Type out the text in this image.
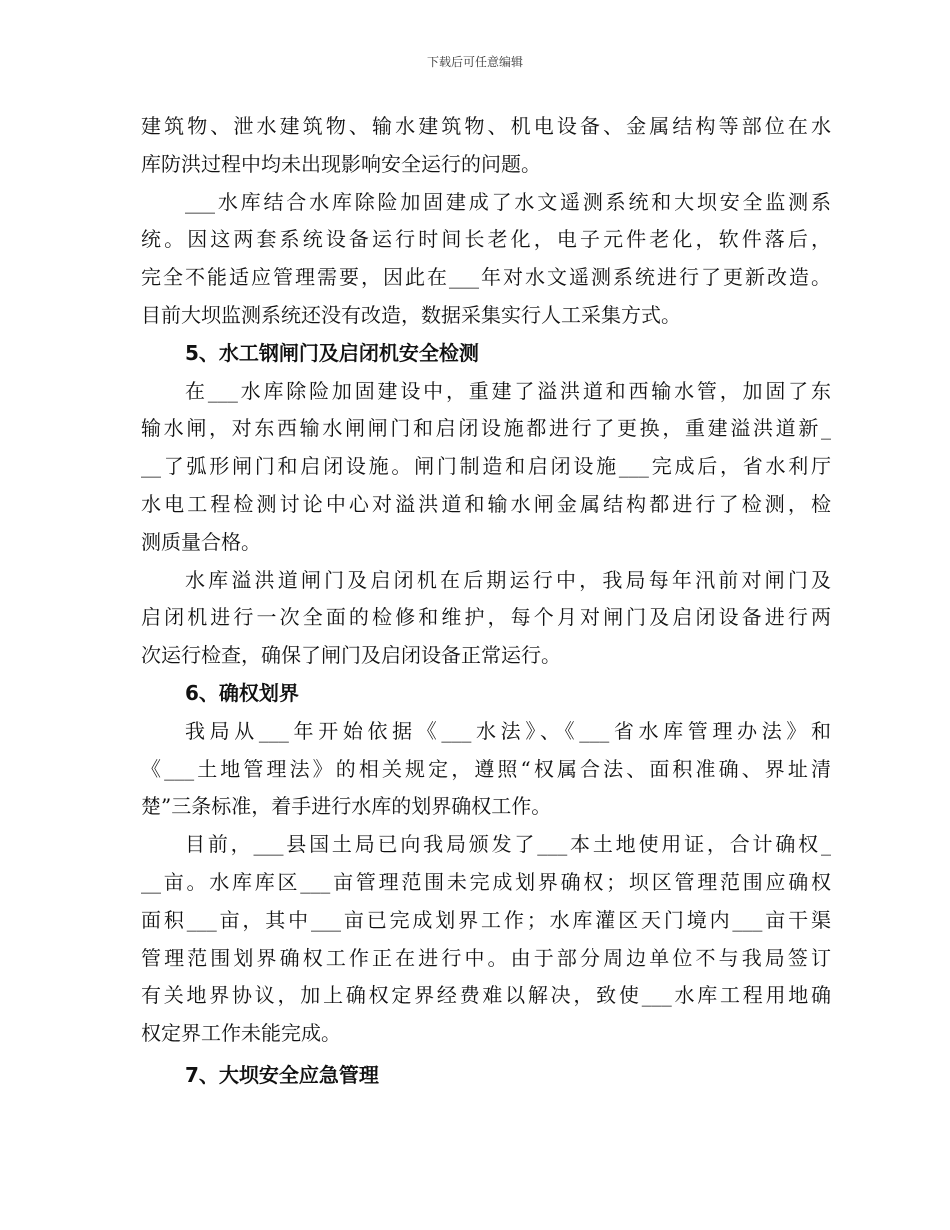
下载后可任意编辑
建筑物、泄水建筑物、输水建筑物、机电设备、金属结构等部位在水
库防洪过程中均未出现影响安全运行的问题。
___水库结合水库除险加固建成了水文遥测系统和大坝安全监测系
统。因这两套系统设备运行时间长老化，电子元件老化，软件落后，
完全不能适应管理需要，因此在___年对水文遥测系统进行了更新改造。
目前大坝监测系统还没有改造，数据采集实行人工采集方式。
5、水工钢闸门及启闭机安全检测
在___水库除险加固建设中，重建了溢洪道和西输水管，加固了东
输水闸，对东西输水闸闸门和启闭设施都进行了更换，重建溢洪道新_
__了弧形闸门和启闭设施。闸门制造和启闭设施___完成后，省水利厅
水电工程检测讨论中心对溢洪道和输水闸金属结构都进行了检测，检
测质量合格。
水库溢洪道闸门及启闭机在后期运行中，我局每年汛前对闸门及
启闭机进行一次全面的检修和维护，每个月对闸门及启闭设备进行两
次运行检查，确保了闸门及启闭设备正常运行。
6、确权划界
我局从___年开始依据《___水法》、《___省水库管理办法》和
《___土地管理法》的相关规定，遵照“权属合法、面积准确、界址清
楚”三条标准，着手进行水库的划界确权工作。
目前，___县国土局已向我局颁发了___本土地使用证，合计确权_
__亩。水库库区___亩管理范围未完成划界确权；坝区管理范围应确权
面积___亩，其中___亩已完成划界工作；水库灌区天门境内___亩干渠
管理范围划界确权工作正在进行中。由于部分周边单位不与我局签订
有关地界协议，加上确权定界经费难以解决，致使___水库工程用地确
权定界工作未能完成。
7、大坝安全应急管理
